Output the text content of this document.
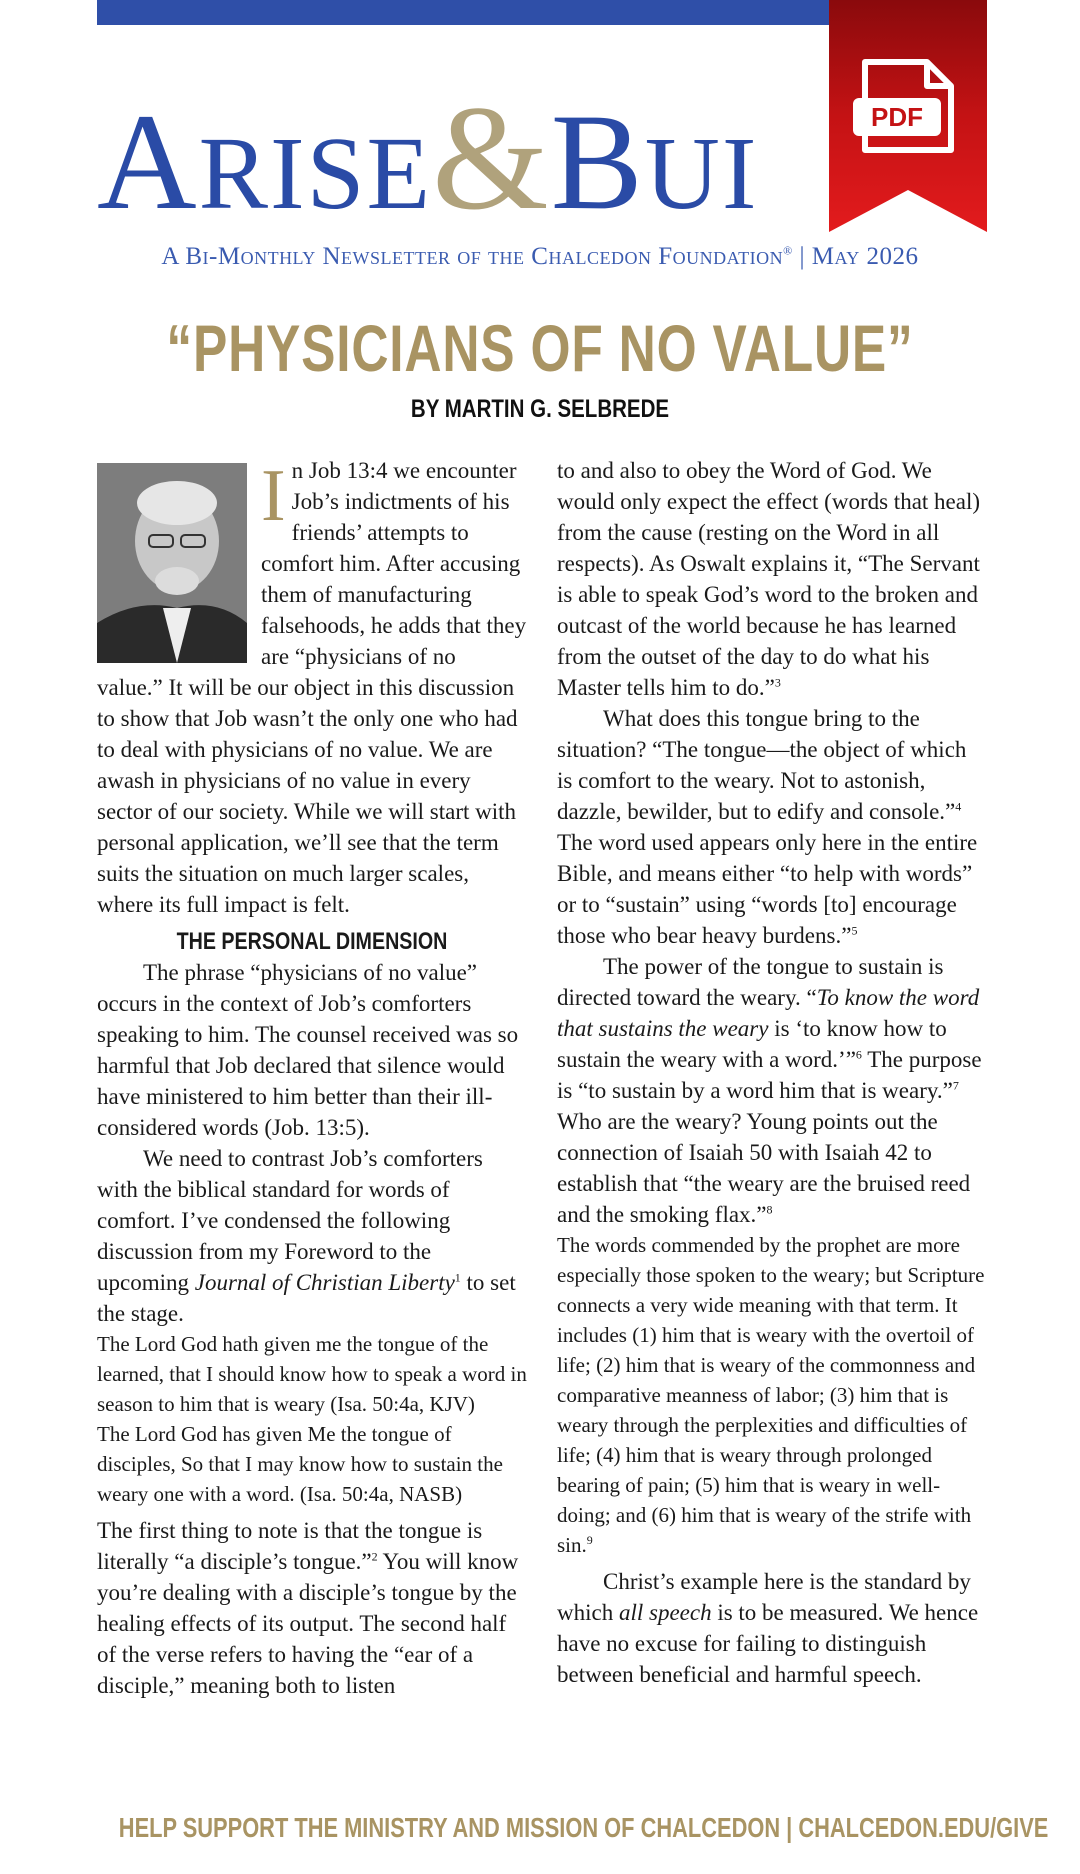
ARISE&BUI	PDF
A Bi-Monthly Newsletter of the Chalcedon Foundation® | May 2026
“PHYSICIANS OF NO VALUE”
BY MARTIN G. SELBREDE
I n Job 13:4 we encounter Job’s indictments of his friends’ attempts to comfort him. After accusing them of manufacturing falsehoods, he adds that they are “physicians of no value.” It will be our object in this discussion to show that Job wasn’t the only one who had to deal with physicians of no value. We are awash in physicians of no value in every sector of our society. While we will start with personal application, we’ll see that the term suits the situation on much larger scales, where its full impact is felt.

THE PERSONAL DIMENSION

The phrase “physicians of no value” occurs in the context of Job’s comforters speaking to him. The counsel received was so harmful that Job declared that silence would have ministered to him better than their ill-considered words (Job. 13:5).

We need to contrast Job’s comforters with the biblical standard for words of comfort. I’ve condensed the following discussion from my Foreword to the upcoming Journal of Christian Liberty$^1$ to set the stage.

The Lord God hath given me the tongue of the learned, that I should know how to speak a word in season to him that is weary (Isa. 50:4a, KJV)

The Lord God has given Me the tongue of disciples, So that I may know how to sustain the weary one with a word. (Isa. 50:4a, NASB)

The first thing to note is that the tongue is literally “a disciple’s tongue.”$^2$ You will know you’re dealing with a disciple’s tongue by the healing effects of its output. The second half of the verse refers to having the “ear of a disciple,” meaning both to listen

to and also to obey the Word of God. We would only expect the effect (words that heal) from the cause (resting on the Word in all respects). As Oswalt explains it, “The Servant is able to speak God’s word to the broken and outcast of the world because he has learned from the outset of the day to do what his Master tells him to do.”$^3$

What does this tongue bring to the situation? “The tongue—the object of which is comfort to the weary. Not to astonish, dazzle, bewilder, but to edify and console.”$^4$ The word used appears only here in the entire Bible, and means either “to help with words” or to “sustain” using “words [to] encourage those who bear heavy burdens.”$^5$

The power of the tongue to sustain is directed toward the weary. “To know the word that sustains the weary is ‘to know how to sustain the weary with a word.’”$^6$ The purpose is “to sustain by a word him that is weary.”$^7$ Who are the weary? Young points out the connection of Isaiah 50 with Isaiah 42 to establish that “the weary are the bruised reed and the smoking flax.”$^8$

The words commended by the prophet are more especially those spoken to the weary; but Scripture connects a very wide meaning with that term. It includes (1) him that is weary with the overtoil of life; (2) him that is weary of the commonness and comparative meanness of labor; (3) him that is weary through the perplexities and difficulties of life; (4) him that is weary through prolonged bearing of pain; (5) him that is weary in well-doing; and (6) him that is weary of the strife with sin.$^9$

Christ’s example here is the standard by which all speech is to be measured. We hence have no excuse for failing to distinguish between beneficial and harmful speech.

HELP SUPPORT THE MINISTRY AND MISSION OF CHALCEDON | CHALCEDON.EDU/GIVE
